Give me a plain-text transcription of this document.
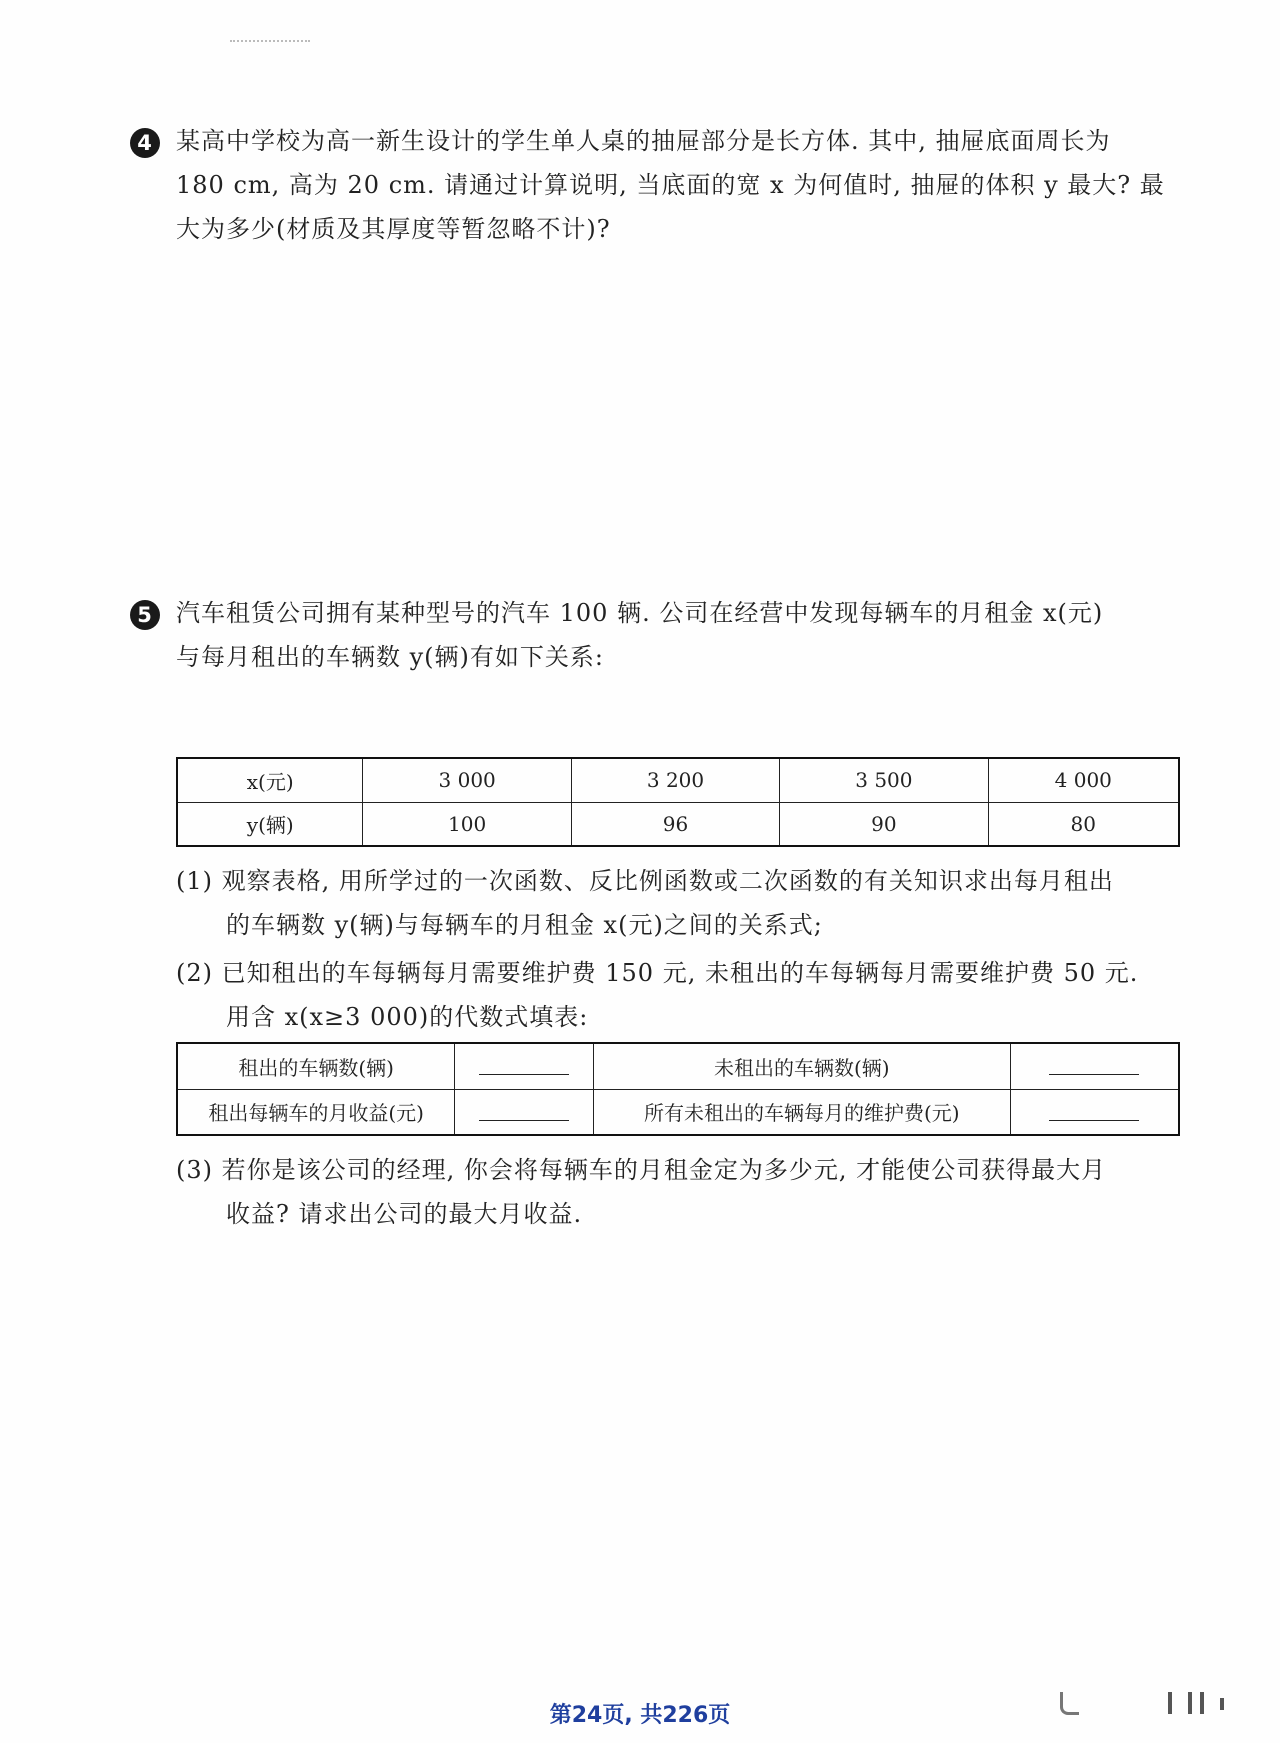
4 某高中学校为高一新生设计的学生单人桌的抽屉部分是长方体. 其中, 抽屉底面周长为
180 cm, 高为 20 cm. 请通过计算说明, 当底面的宽 x 为何值时, 抽屉的体积 y 最大? 最
大为多少(材质及其厚度等暂忽略不计)?
5 汽车租赁公司拥有某种型号的汽车 100 辆. 公司在经营中发现每辆车的月租金 x(元)
与每月租出的车辆数 y(辆)有如下关系:
x(元)	3 000	3 200	3 500	4 000
y(辆)	100	96	90	80
(1) 观察表格, 用所学过的一次函数、反比例函数或二次函数的有关知识求出每月租出
的车辆数 y(辆)与每辆车的月租金 x(元)之间的关系式;
(2) 已知租出的车每辆每月需要维护费 150 元, 未租出的车每辆每月需要维护费 50 元.
用含 x(x≥3 000)的代数式填表:
租出的车辆数(辆)		未租出的车辆数(辆)	
租出每辆车的月收益(元)		所有未租出的车辆每月的维护费(元)	
(3) 若你是该公司的经理, 你会将每辆车的月租金定为多少元, 才能使公司获得最大月
收益? 请求出公司的最大月收益.
第24页, 共226页
